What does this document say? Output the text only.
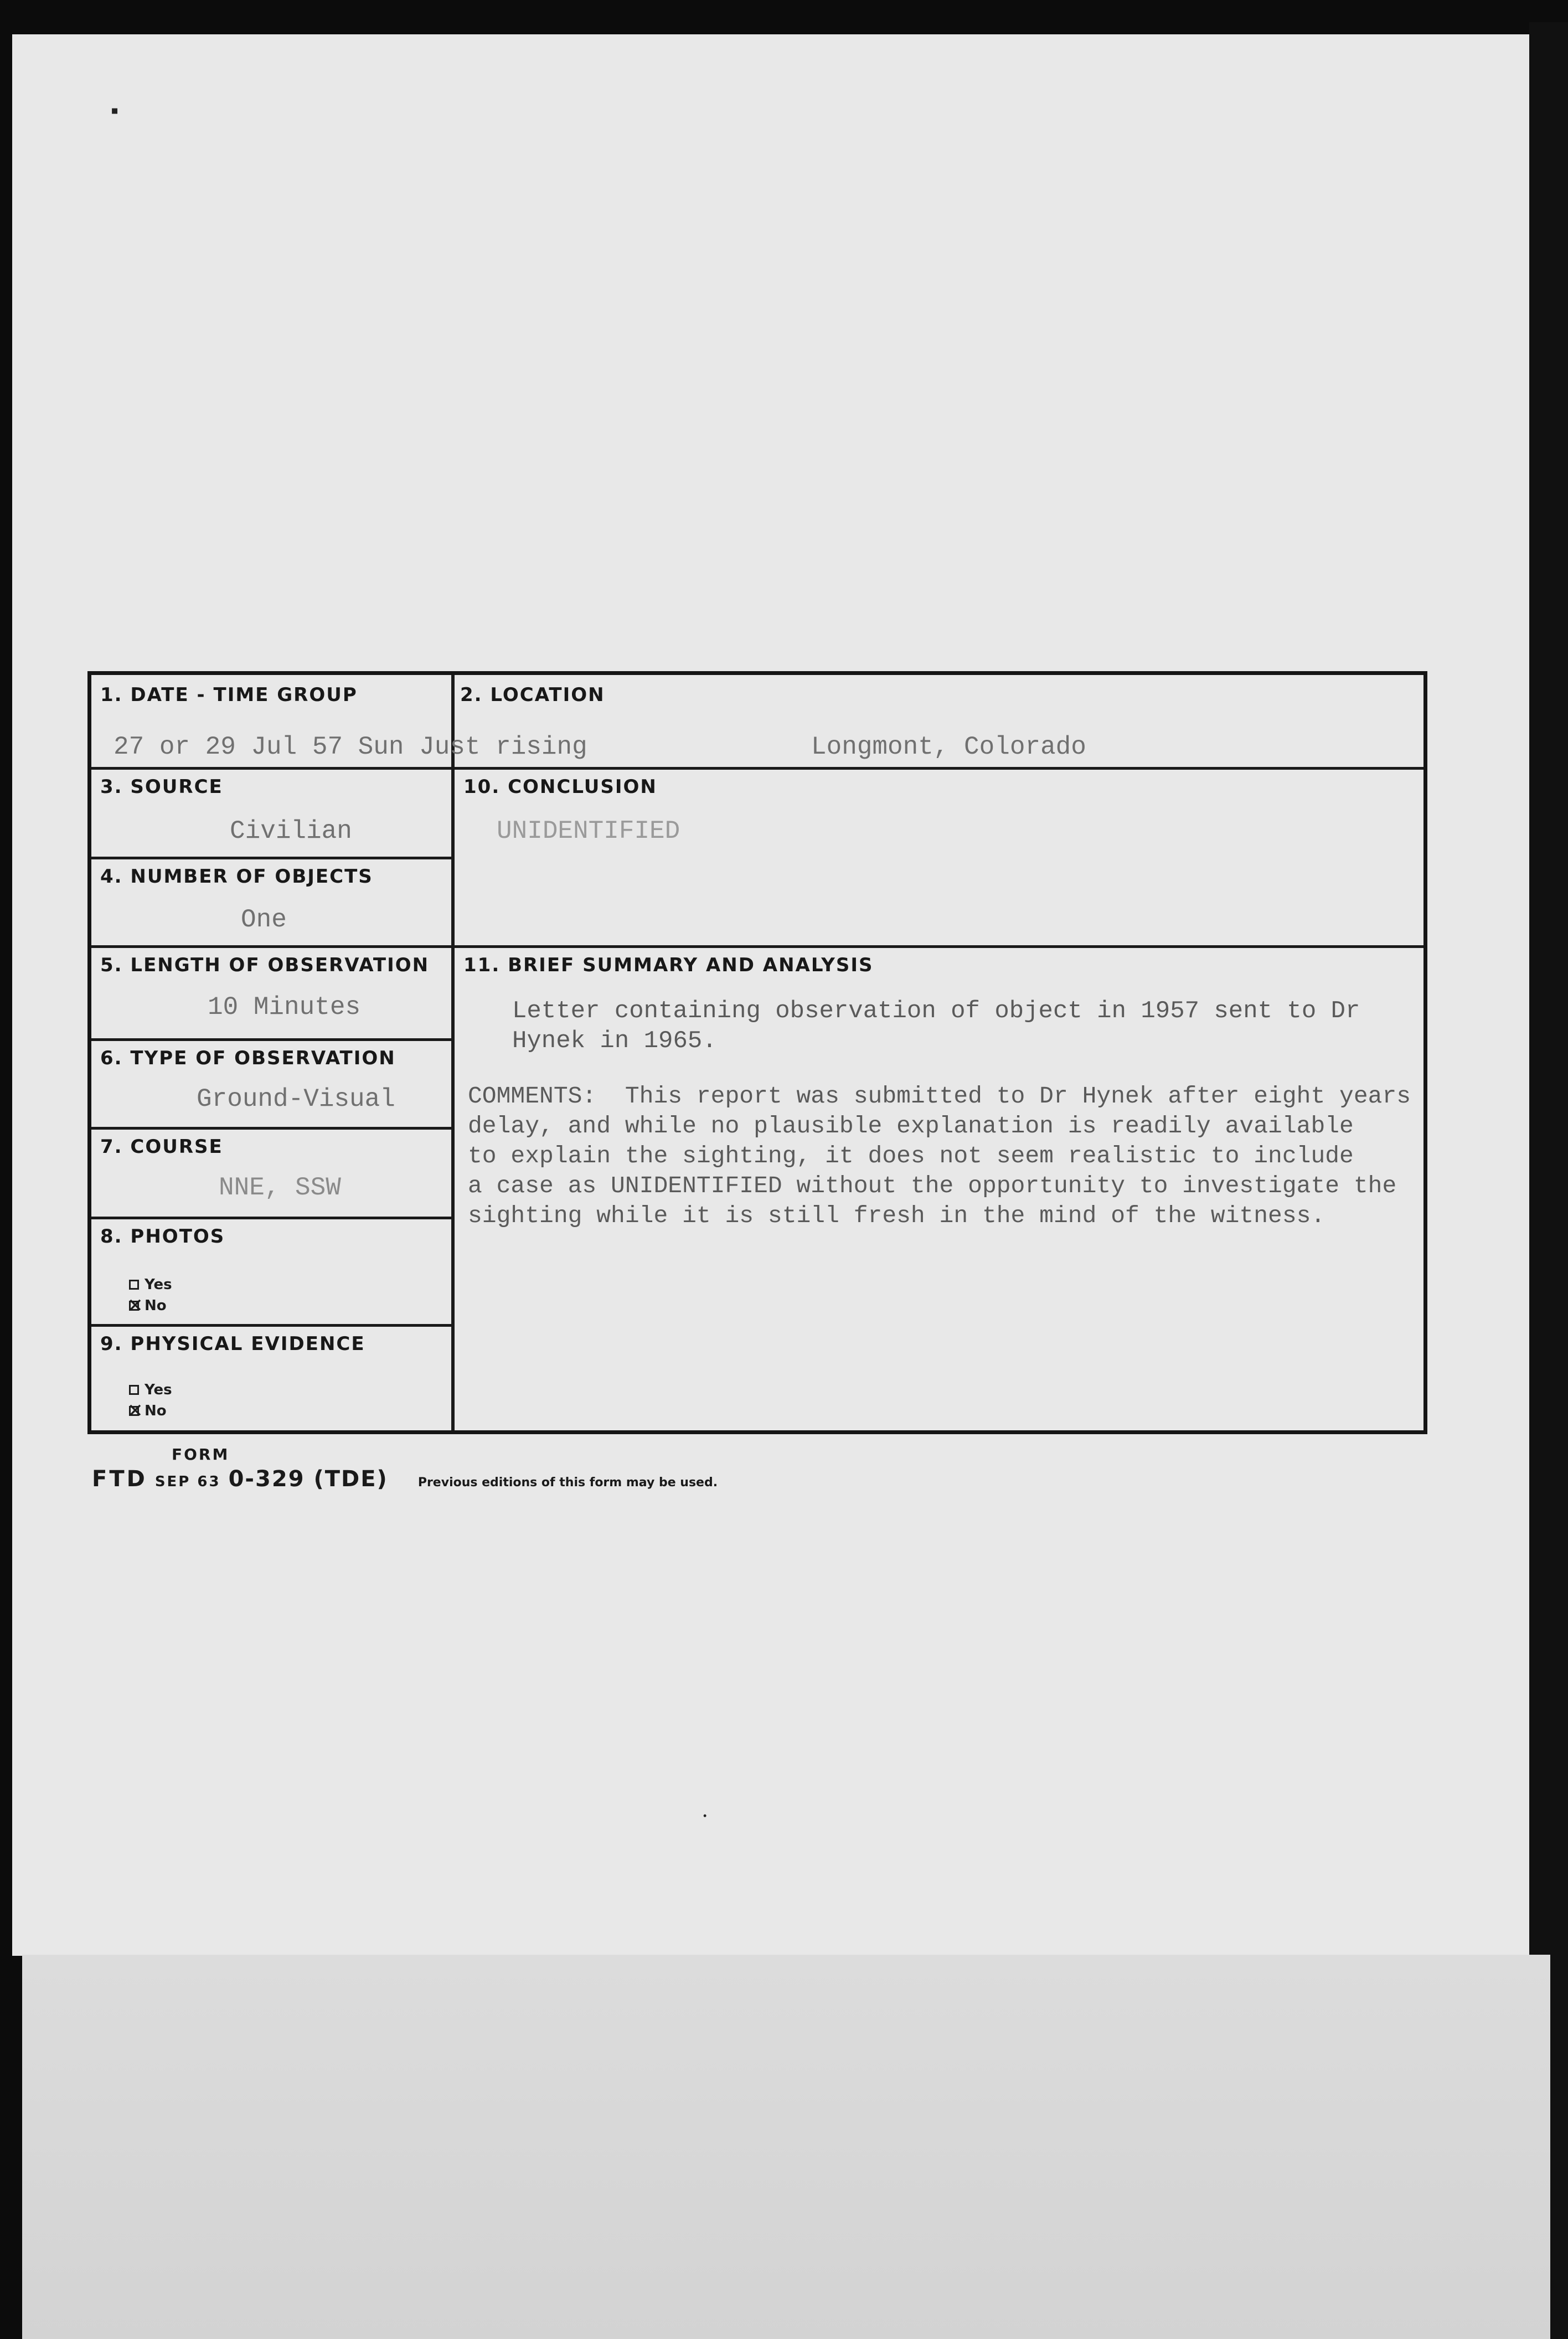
▪
•
1. DATE - TIME GROUP	2. LOCATION
27 or 29 Jul 57 Sun Just rising	Longmont, Colorado
3. SOURCE
Civilian
10. CONCLUSION
UNIDENTIFIED
4. NUMBER OF OBJECTS
One
5. LENGTH OF OBSERVATION
10 Minutes
11. BRIEF SUMMARY AND ANALYSIS
Letter containing observation of object in 1957 sent to Dr
Hynek in 1965.
COMMENTS:  This report was submitted to Dr Hynek after eight years
delay, and while no plausible explanation is readily available
to explain the sighting, it does not seem realistic to include
a case as UNIDENTIFIED without the opportunity to investigate the
sighting while it is still fresh in the mind of the witness.
6. TYPE OF OBSERVATION
Ground-Visual
7. COURSE
NNE, SSW
8. PHOTOS
Yes
✕
No
9. PHYSICAL EVIDENCE
Yes
✕
No
FORM
FTD SEP 63 0-329 (TDE) Previous editions of this form may be used.
